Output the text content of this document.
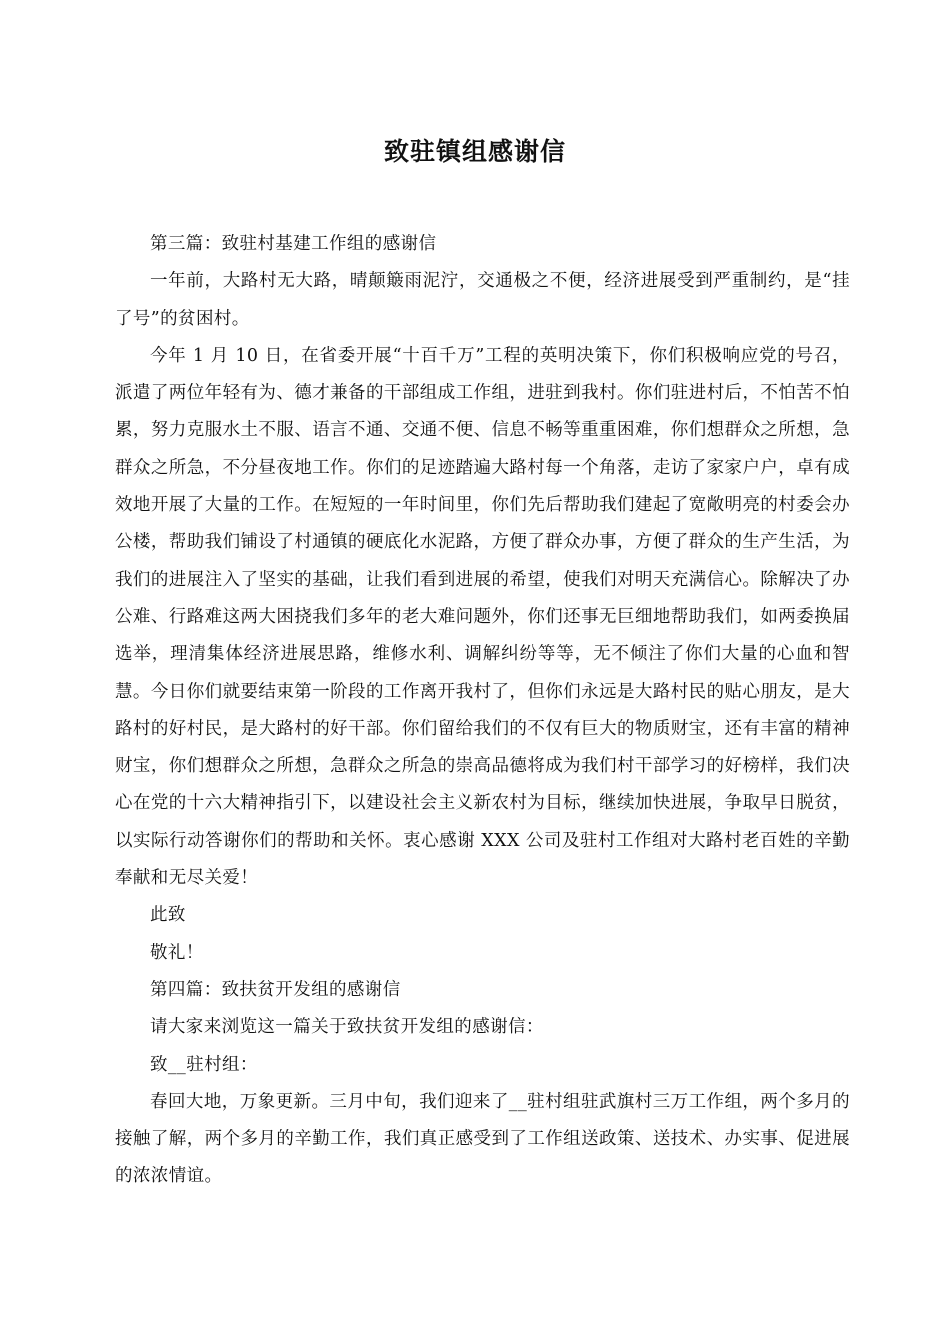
致驻镇组感谢信

第三篇：致驻村基建工作组的感谢信

一年前，大路村无大路，晴颠簸雨泥泞，交通极之不便，经济进展受到严重制约，是“挂了号”的贫困村。

今年 1 月 10 日，在省委开展“十百千万”工程的英明决策下，你们积极响应党的号召，派遣了两位年轻有为、德才兼备的干部组成工作组，进驻到我村。你们驻进村后，不怕苦不怕累，努力克服水土不服、语言不通、交通不便、信息不畅等重重困难，你们想群众之所想，急群众之所急，不分昼夜地工作。你们的足迹踏遍大路村每一个角落，走访了家家户户，卓有成效地开展了大量的工作。在短短的一年时间里，你们先后帮助我们建起了宽敞明亮的村委会办公楼，帮助我们铺设了村通镇的硬底化水泥路，方便了群众办事，方便了群众的生产生活，为我们的进展注入了坚实的基础，让我们看到进展的希望，使我们对明天充满信心。除解决了办公难、行路难这两大困挠我们多年的老大难问题外，你们还事无巨细地帮助我们，如两委换届选举，理清集体经济进展思路，维修水利、调解纠纷等等，无不倾注了你们大量的心血和智慧。今日你们就要结束第一阶段的工作离开我村了，但你们永远是大路村民的贴心朋友，是大路村的好村民，是大路村的好干部。你们留给我们的不仅有巨大的物质财宝，还有丰富的精神财宝，你们想群众之所想，急群众之所急的崇高品德将成为我们村干部学习的好榜样，我们决心在党的十六大精神指引下，以建设社会主义新农村为目标，继续加快进展，争取早日脱贫，以实际行动答谢你们的帮助和关怀。衷心感谢 XXX 公司及驻村工作组对大路村老百姓的辛勤奉献和无尽关爱！

此致

敬礼！

第四篇：致扶贫开发组的感谢信

请大家来浏览这一篇关于致扶贫开发组的感谢信：

致__驻村组：

春回大地，万象更新。三月中旬，我们迎来了__驻村组驻武旗村三万工作组，两个多月的接触了解，两个多月的辛勤工作，我们真正感受到了工作组送政策、送技术、办实事、促进展的浓浓情谊。
